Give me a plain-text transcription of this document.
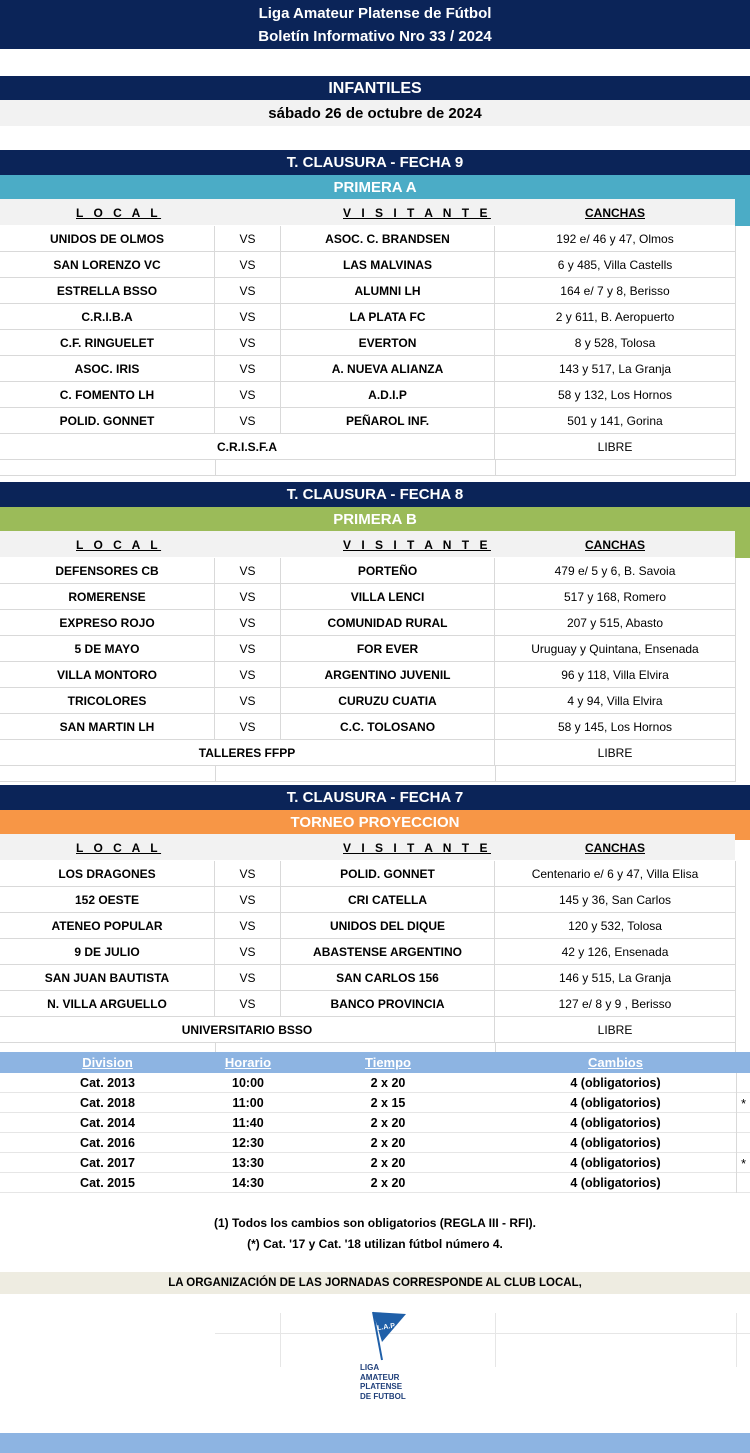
Liga Amateur Platense de Fútbol
Boletín Informativo Nro 33 / 2024
INFANTILES
sábado 26 de octubre de 2024
T. CLAUSURA - FECHA 9
PRIMERA A
L O C A L	V I S I T A N T E	CANCHAS
UNIDOS DE OLMOS	VS	ASOC. C. BRANDSEN	192 e/ 46 y 47, Olmos
SAN LORENZO VC	VS	LAS MALVINAS	6 y 485, Villa Castells
ESTRELLA BSSO	VS	ALUMNI LH	164 e/ 7 y 8, Berisso
C.R.I.B.A	VS	LA PLATA FC	2 y 611, B. Aeropuerto
C.F. RINGUELET	VS	EVERTON	8 y 528, Tolosa
ASOC. IRIS	VS	A. NUEVA ALIANZA	143 y 517, La Granja
C. FOMENTO LH	VS	A.D.I.P	58 y 132, Los Hornos
POLID. GONNET	VS	PEÑAROL INF.	501 y 141, Gorina
C.R.I.S.F.A	LIBRE
T. CLAUSURA - FECHA 8
PRIMERA B
L O C A L	V I S I T A N T E	CANCHAS
DEFENSORES CB	VS	PORTEÑO	479 e/ 5 y 6, B. Savoia
ROMERENSE	VS	VILLA LENCI	517 y 168, Romero
EXPRESO ROJO	VS	COMUNIDAD RURAL	207 y 515, Abasto
5 DE MAYO	VS	FOR EVER	Uruguay y Quintana, Ensenada
VILLA MONTORO	VS	ARGENTINO JUVENIL	96 y 118, Villa Elvira
TRICOLORES	VS	CURUZU CUATIA	4 y 94, Villa Elvira
SAN MARTIN LH	VS	C.C. TOLOSANO	58 y 145, Los Hornos
TALLERES FFPP	LIBRE
T. CLAUSURA - FECHA 7
TORNEO PROYECCION
L O C A L	V I S I T A N T E	CANCHAS
LOS DRAGONES	VS	POLID. GONNET	Centenario e/ 6 y 47, Villa Elisa
152 OESTE	VS	CRI CATELLA	145 y 36, San Carlos
ATENEO POPULAR	VS	UNIDOS DEL DIQUE	120 y 532, Tolosa
9 DE JULIO	VS	ABASTENSE ARGENTINO	42 y 126, Ensenada
SAN JUAN BAUTISTA	VS	SAN CARLOS 156	146 y 515, La Granja
N. VILLA ARGUELLO	VS	BANCO PROVINCIA	127 e/ 8 y 9 , Berisso
UNIVERSITARIO BSSO	LIBRE
Division	Horario	Tiempo	Cambios
Cat. 2013	10:00	2 x 20	4 (obligatorios)
Cat. 2018	11:00	2 x 15	4 (obligatorios)	*
Cat. 2014	11:40	2 x 20	4 (obligatorios)
Cat. 2016	12:30	2 x 20	4 (obligatorios)
Cat. 2017	13:30	2 x 20	4 (obligatorios)	*
Cat. 2015	14:30	2 x 20	4 (obligatorios)
(1) Todos los cambios son obligatorios (REGLA III - RFI).
(*) Cat. '17 y Cat. '18 utilizan fútbol número 4.
LA ORGANIZACIÓN DE LAS JORNADAS CORRESPONDE AL CLUB LOCAL,
L.A.P.
LIGA
AMATEUR
PLATENSE
DE FUTBOL
